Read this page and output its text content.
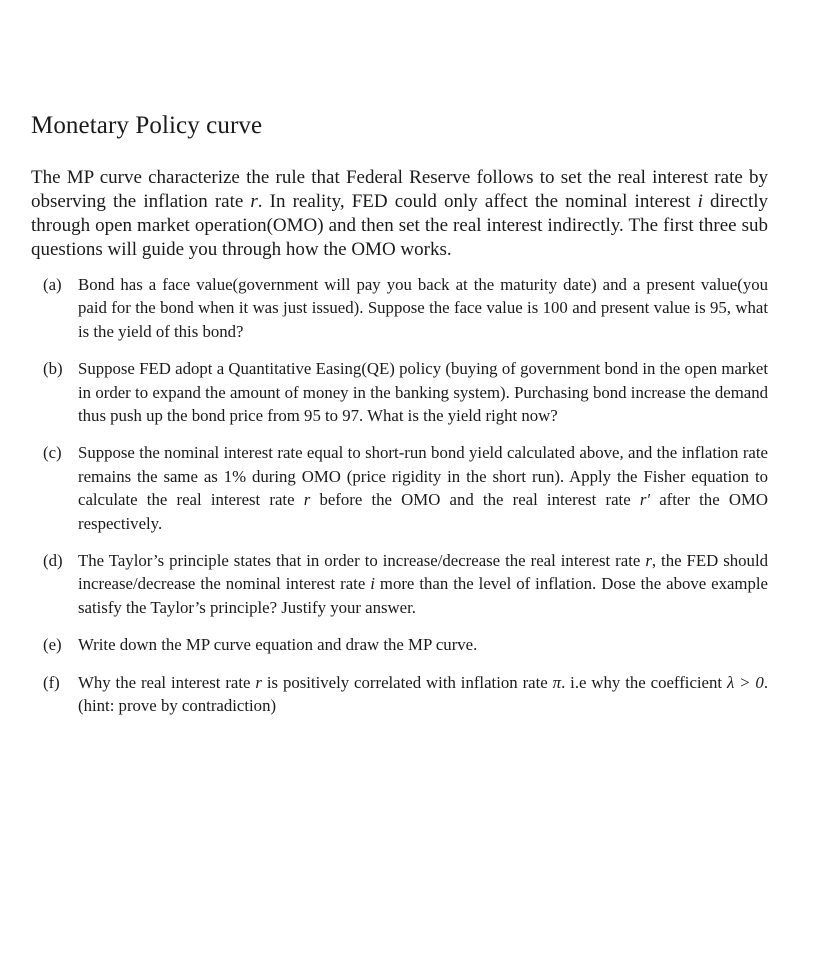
Monetary Policy curve

The MP curve characterize the rule that Federal Reserve follows to set the real interest rate by observing the inflation rate r. In reality, FED could only affect the nominal interest i directly through open market operation(OMO) and then set the real interest indirectly. The first three sub questions will guide you through how the OMO works.

(a) Bond has a face value(government will pay you back at the maturity date) and a present value(you paid for the bond when it was just issued). Suppose the face value is 100 and present value is 95, what is the yield of this bond?
(b) Suppose FED adopt a Quantitative Easing(QE) policy (buying of government bond in the open market in order to expand the amount of money in the banking system). Purchasing bond increase the demand thus push up the bond price from 95 to 97. What is the yield right now?
(c) Suppose the nominal interest rate equal to short-run bond yield calculated above, and the inflation rate remains the same as 1% during OMO (price rigidity in the short run). Apply the Fisher equation to calculate the real interest rate r before the OMO and the real interest rate r′ after the OMO respectively.
(d) The Taylor’s principle states that in order to increase/decrease the real interest rate r, the FED should increase/decrease the nominal interest rate i more than the level of inflation. Dose the above example satisfy the Taylor’s principle? Justify your answer.
(e) Write down the MP curve equation and draw the MP curve.
(f) Why the real interest rate r is positively correlated with inflation rate π. i.e why the coefficient λ > 0. (hint: prove by contradiction)
